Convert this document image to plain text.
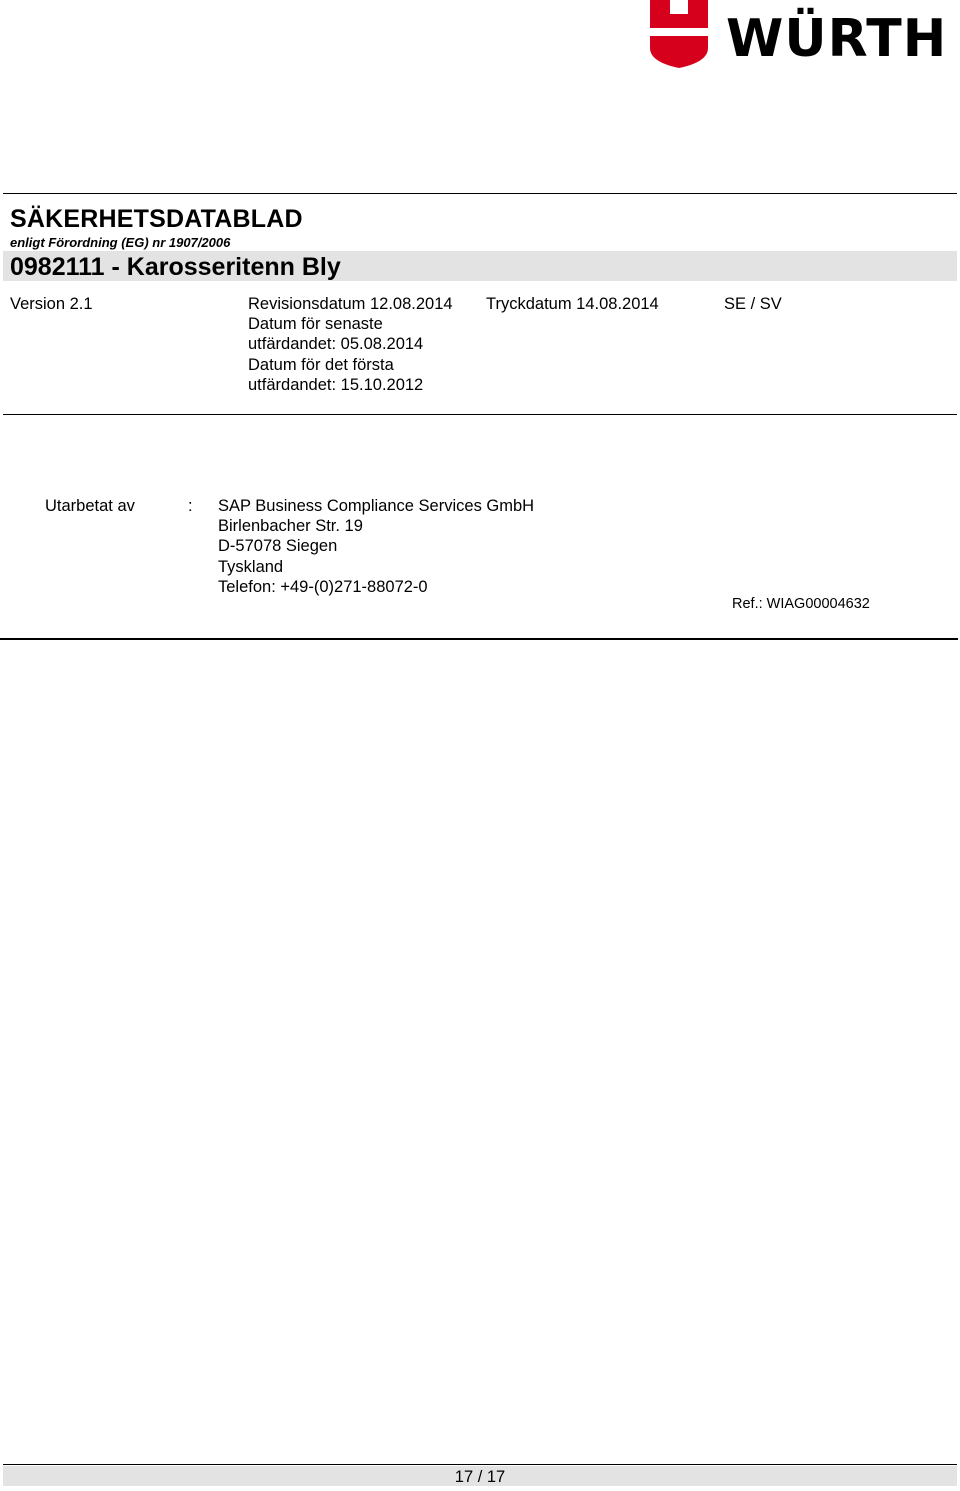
WÜRTH
SÄKERHETSDATABLAD
enligt Förordning (EG) nr 1907/2006
0982111 - Karosseritenn Bly
Version 2.1	Revisionsdatum 12.08.2014
Datum för senaste
utfärdandet: 05.08.2014
Datum för det första
utfärdandet: 15.10.2012
Tryckdatum 14.08.2014	SE / SV
Utarbetat av	: SAP Business Compliance Services GmbH
Birlenbacher Str. 19
D-57078 Siegen
Tyskland
Telefon: +49-(0)271-88072-0
Ref.: WIAG00004632
17 / 17
